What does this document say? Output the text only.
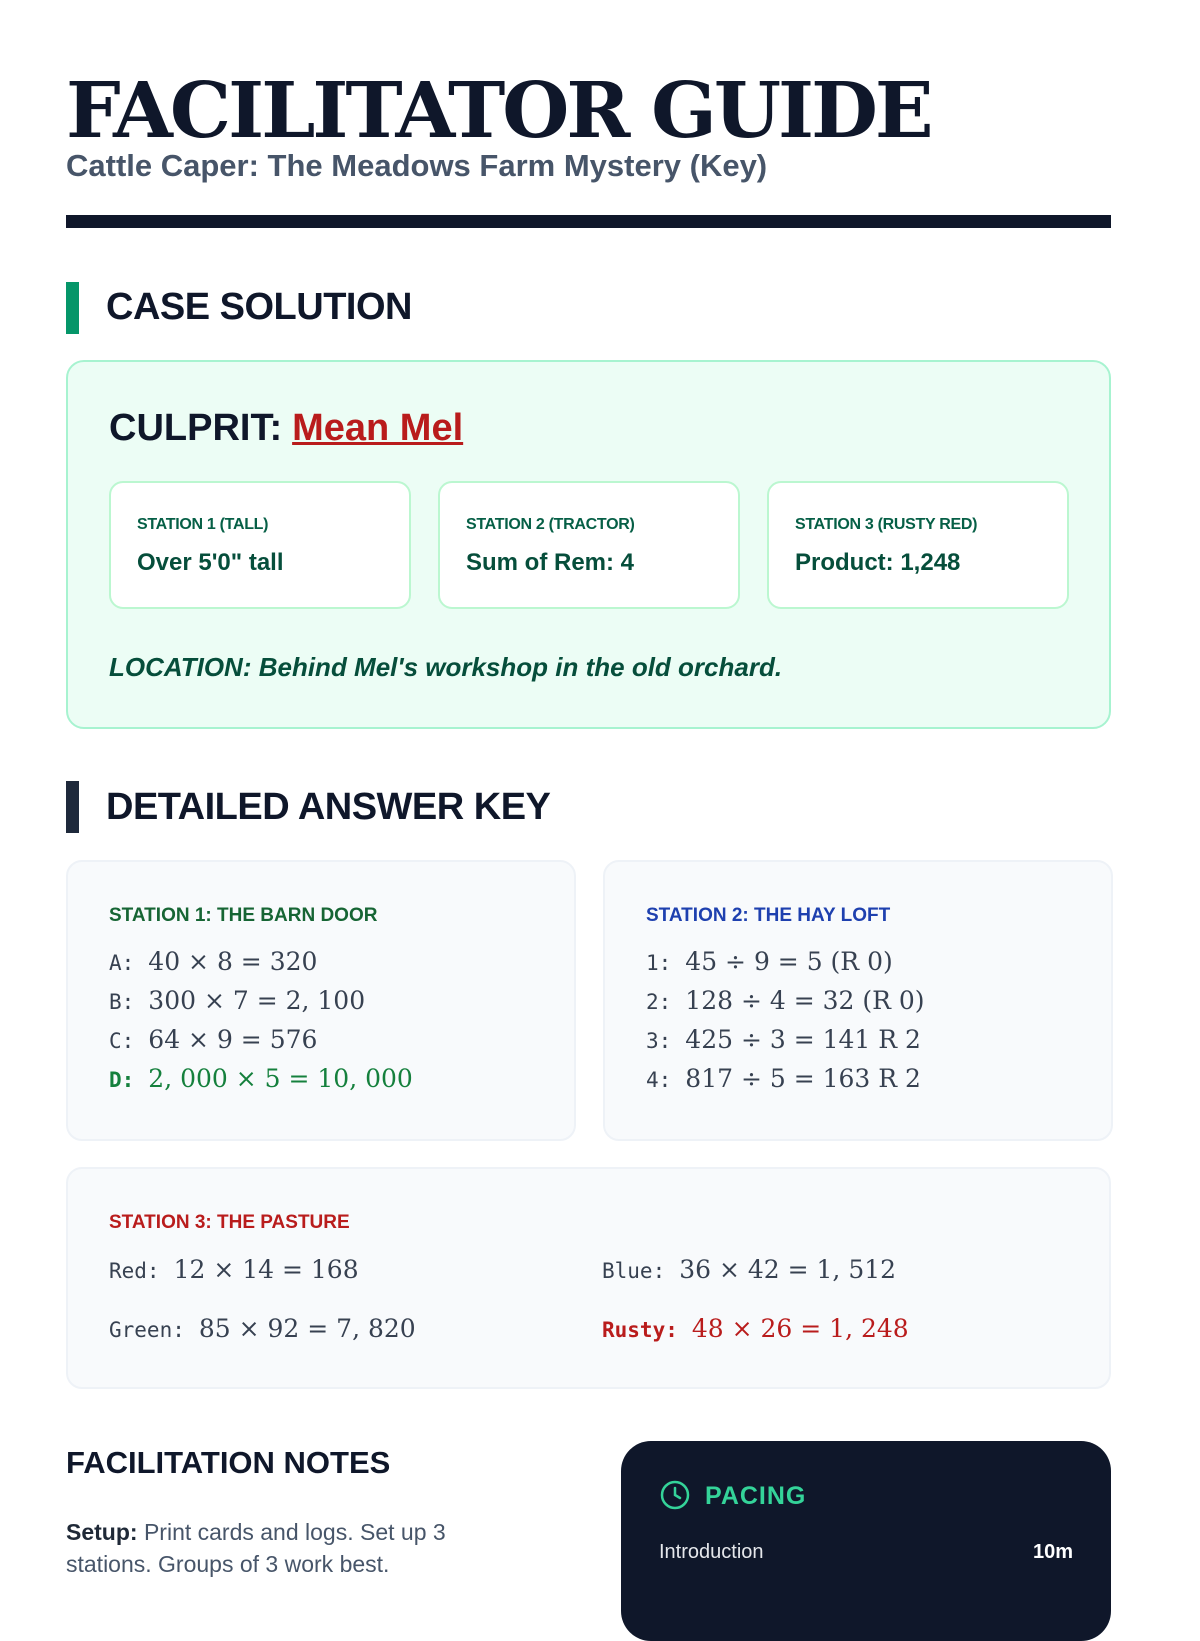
FACILITATOR GUIDE
Cattle Caper: The Meadows Farm Mystery (Key)
CASE SOLUTION
CULPRIT: Mean Mel
STATION 1 (TALL)
Over 5'0" tall
STATION 2 (TRACTOR)
Sum of Rem: 4
STATION 3 (RUSTY RED)
Product: 1,248
LOCATION: Behind Mel's workshop in the old orchard.
DETAILED ANSWER KEY
STATION 1: THE BARN DOOR
A: 40 × 8 = 320
B: 300 × 7 = 2, 100
C: 64 × 9 = 576
D: 2, 000 × 5 = 10, 000
STATION 2: THE HAY LOFT
1: 45 ÷ 9 = 5 (R 0)
2: 128 ÷ 4 = 32 (R 0)
3: 425 ÷ 3 = 141 R 2
4: 817 ÷ 5 = 163 R 2
STATION 3: THE PASTURE
Red: 12 × 14 = 168	Blue: 36 × 42 = 1, 512
Green: 85 × 92 = 7, 820	Rusty: 48 × 26 = 1, 248
FACILITATION NOTES
Setup: Print cards and logs. Set up 3 stations. Groups of 3 work best.
PACING
Introduction	10m
